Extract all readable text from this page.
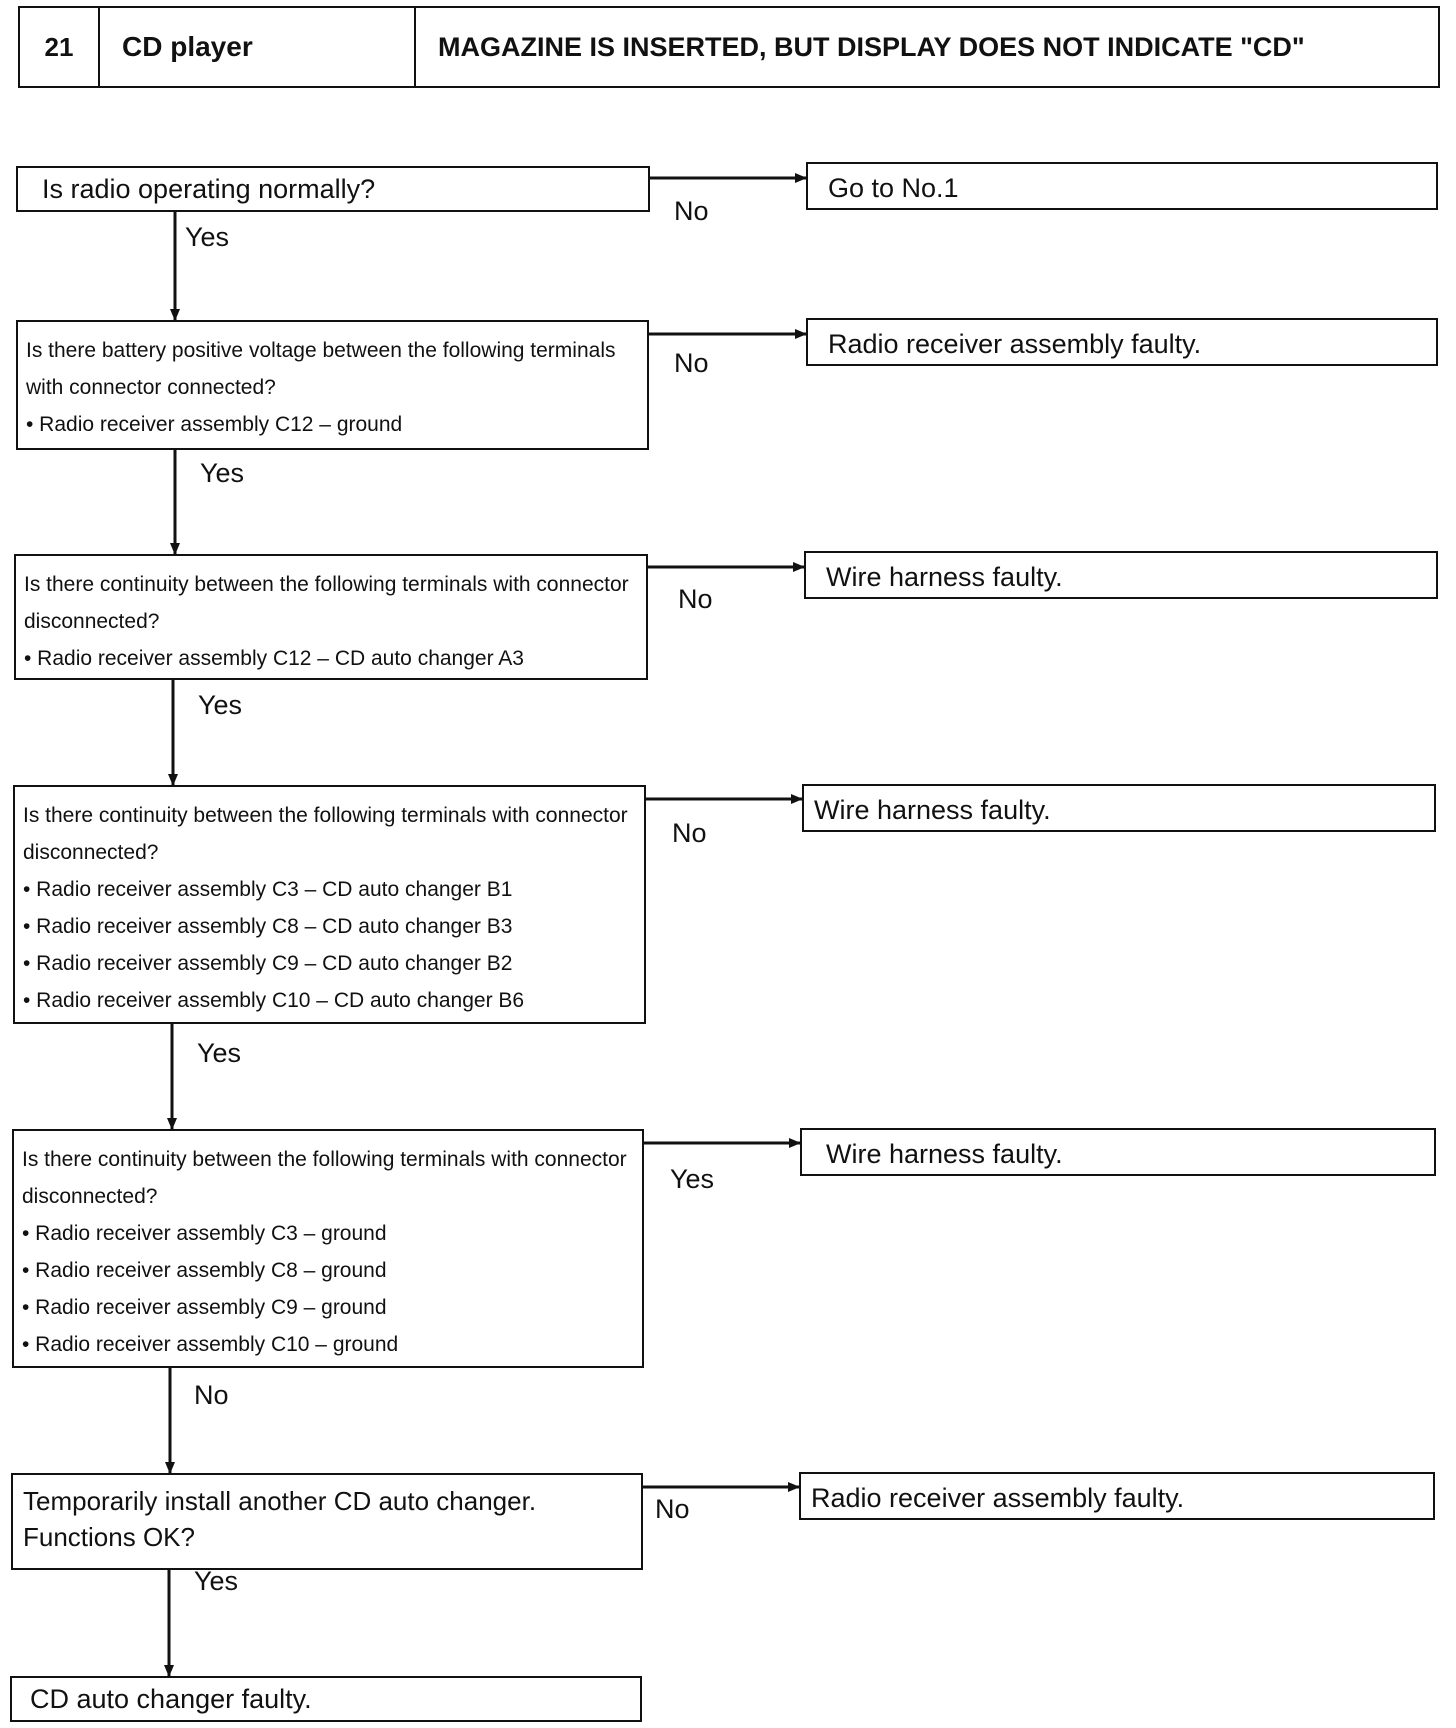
21	CD player	MAGAZINE IS INSERTED, BUT DISPLAY DOES NOT INDICATE "CD"
Is radio operating normally?
No
Go to No.1
Yes
Is there battery positive voltage between the following terminals with connector connected?
• Radio receiver assembly C12 – ground
No
Radio receiver assembly faulty.
Yes
Is there continuity between the following terminals with connector disconnected?
• Radio receiver assembly C12 – CD auto changer A3
No
Wire harness faulty.
Yes
Is there continuity between the following terminals with connector disconnected?
• Radio receiver assembly C3 – CD auto changer B1
• Radio receiver assembly C8 – CD auto changer B3
• Radio receiver assembly C9 – CD auto changer B2
• Radio receiver assembly C10 – CD auto changer B6
No
Wire harness faulty.
Yes
Is there continuity between the following terminals with connector disconnected?
• Radio receiver assembly C3 – ground
• Radio receiver assembly C8 – ground
• Radio receiver assembly C9 – ground
• Radio receiver assembly C10 – ground
Yes
Wire harness faulty.
No
Temporarily install another CD auto changer.
Functions OK?
No	Radio receiver assembly faulty.
Yes
CD auto changer faulty.
